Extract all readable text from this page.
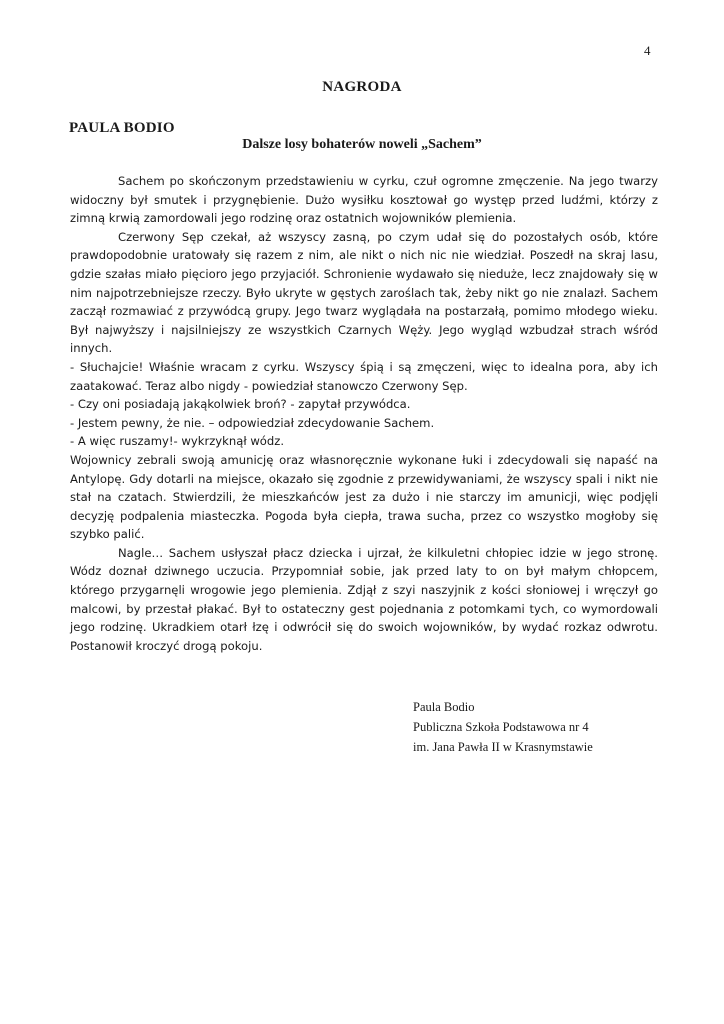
4
NAGRODA
PAULA BODIO
Dalsze losy bohaterów noweli „Sachem”

Sachem po skończonym przedstawieniu w cyrku, czuł ogromne zmęczenie. Na jego twarzy widoczny był smutek i przygnębienie. Dużo wysiłku kosztował go występ przed ludźmi, którzy z zimną krwią zamordowali jego rodzinę oraz ostatnich wojowników plemienia.

Czerwony Sęp czekał, aż wszyscy zasną, po czym udał się do pozostałych osób, które prawdopodobnie uratowały się razem z nim, ale nikt o nich nic nie wiedział. Poszedł na skraj lasu, gdzie szałas miało pięcioro jego przyjaciół. Schronienie wydawało się nieduże, lecz znajdowały się w nim najpotrzebniejsze rzeczy. Było ukryte w gęstych zaroślach tak, żeby nikt go nie znalazł. Sachem zaczął rozmawiać z przywódcą grupy. Jego twarz wyglądała na postarzałą, pomimo młodego wieku. Był najwyższy i najsilniejszy ze wszystkich Czarnych Węży. Jego wygląd wzbudzał strach wśród innych.

- Słuchajcie! Właśnie wracam z cyrku. Wszyscy śpią i są zmęczeni, więc to idealna pora, aby ich zaatakować. Teraz albo nigdy - powiedział stanowczo Czerwony Sęp.

- Czy oni posiadają jakąkolwiek broń? - zapytał przywódca.

- Jestem pewny, że nie. – odpowiedział zdecydowanie Sachem.

- A więc ruszamy!- wykrzyknął wódz.

Wojownicy zebrali swoją amunicję oraz własnoręcznie wykonane łuki i zdecydowali się napaść na Antylopę. Gdy dotarli na miejsce, okazało się zgodnie z przewidywaniami, że wszyscy spali i nikt nie stał na czatach. Stwierdzili, że mieszkańców jest za dużo i nie starczy im amunicji, więc podjęli decyzję podpalenia miasteczka. Pogoda była ciepła, trawa sucha, przez co wszystko mogłoby się szybko palić.

Nagle… Sachem usłyszał płacz dziecka i ujrzał, że kilkuletni chłopiec idzie w jego stronę. Wódz doznał dziwnego uczucia. Przypomniał sobie, jak przed laty to on był małym chłopcem, którego przygarnęli wrogowie jego plemienia. Zdjął z szyi naszyjnik z kości słoniowej i wręczył go malcowi, by przestał płakać. Był to ostateczny gest pojednania z potomkami tych, co wymordowali jego rodzinę. Ukradkiem otarł łzę i odwrócił się do swoich wojowników, by wydać rozkaz odwrotu. Postanowił kroczyć drogą pokoju.

Paula Bodio
Publiczna Szkoła Podstawowa nr 4
im. Jana Pawła II w Krasnymstawie
